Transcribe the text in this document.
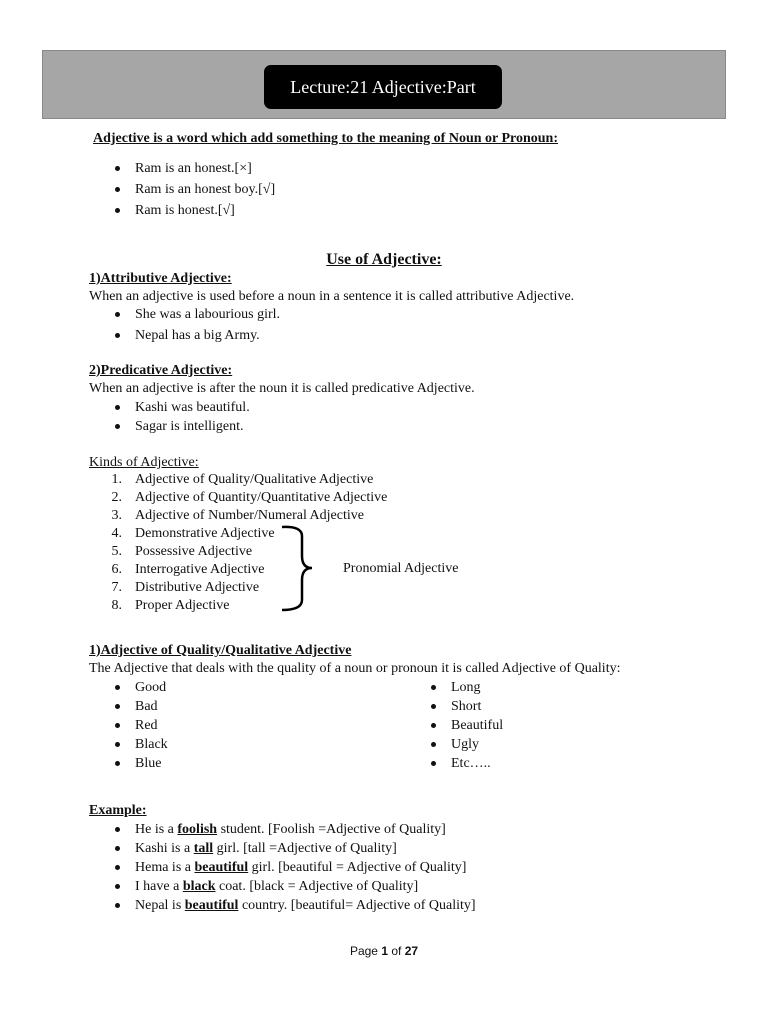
Lecture:21 Adjective:Part
Adjective is a word which add something to the meaning of Noun or Pronoun:
Ram is an honest.[×]
Ram is an honest boy.[√]
Ram is honest.[√]
Use of Adjective:
1)Attributive Adjective:
When an adjective is used before a noun in a sentence it is called attributive Adjective.
She was a labourious girl.
Nepal has a big Army.
2)Predicative Adjective:
When an adjective is after the noun it is called predicative Adjective.
Kashi was beautiful.
Sagar is intelligent.
Kinds of Adjective:
1. Adjective of Quality/Qualitative Adjective
2. Adjective of Quantity/Quantitative Adjective
3. Adjective of Number/Numeral Adjective
4. Demonstrative Adjective
5. Possessive Adjective
6. Interrogative Adjective
7. Distributive Adjective
8. Proper Adjective
Pronomial Adjective
1)Adjective of Quality/Qualitative Adjective
The Adjective that deals with the quality of a noun or pronoun it is called Adjective of Quality:
Good
Bad
Red
Black
Blue
Long
Short
Beautiful
Ugly
Etc…..
Example:
He is a foolish student. [Foolish =Adjective of Quality]
Kashi is a tall girl. [tall =Adjective of Quality]
Hema is a beautiful girl. [beautiful = Adjective of Quality]
I have a black coat. [black = Adjective of Quality]
Nepal is beautiful country. [beautiful= Adjective of Quality]
Page 1 of 27
